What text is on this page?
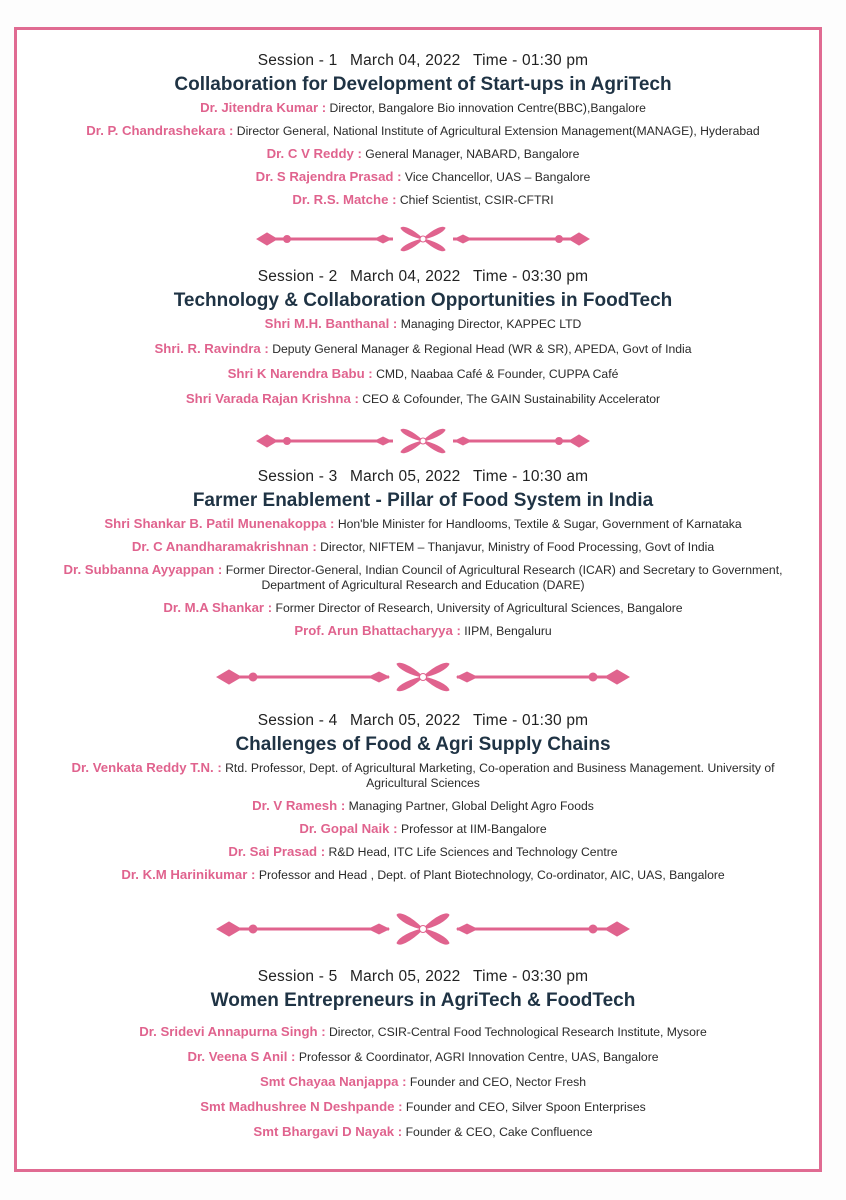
Session - 1 March 04, 2022 Time - 01:30 pm
Collaboration for Development of Start-ups in AgriTech
Dr. Jitendra Kumar : Director, Bangalore Bio innovation Centre(BBC),Bangalore
Dr. P. Chandrashekara : Director General, National Institute of Agricultural Extension Management(MANAGE), Hyderabad
Dr. C V Reddy : General Manager, NABARD, Bangalore
Dr. S Rajendra Prasad : Vice Chancellor, UAS – Bangalore
Dr. R.S. Matche : Chief Scientist, CSIR-CFTRI
Session - 2 March 04, 2022 Time - 03:30 pm
Technology & Collaboration Opportunities in FoodTech
Shri M.H. Banthanal : Managing Director, KAPPEC LTD
Shri. R. Ravindra : Deputy General Manager & Regional Head (WR & SR), APEDA, Govt of India
Shri K Narendra Babu : CMD, Naabaa Café & Founder, CUPPA Café
Shri Varada Rajan Krishna : CEO & Cofounder, The GAIN Sustainability Accelerator
Session - 3 March 05, 2022 Time - 10:30 am
Farmer Enablement - Pillar of Food System in India
Shri Shankar B. Patil Munenakoppa : Hon'ble Minister for Handlooms, Textile & Sugar, Government of Karnataka
Dr. C Anandharamakrishnan : Director, NIFTEM – Thanjavur, Ministry of Food Processing, Govt of India
Dr. Subbanna Ayyappan : Former Director-General, Indian Council of Agricultural Research (ICAR) and Secretary to Government, Department of Agricultural Research and Education (DARE)
Dr. M.A Shankar : Former Director of Research, University of Agricultural Sciences, Bangalore
Prof. Arun Bhattacharyya : IIPM, Bengaluru
Session - 4 March 05, 2022 Time - 01:30 pm
Challenges of Food & Agri Supply Chains
Dr. Venkata Reddy T.N. : Rtd. Professor, Dept. of Agricultural Marketing, Co-operation and Business Management. University of Agricultural Sciences
Dr. V Ramesh : Managing Partner, Global Delight Agro Foods
Dr. Gopal Naik : Professor at IIM-Bangalore
Dr. Sai Prasad : R&D Head, ITC Life Sciences and Technology Centre
Dr. K.M Harinikumar : Professor and Head , Dept. of Plant Biotechnology, Co-ordinator, AIC, UAS, Bangalore
Session - 5 March 05, 2022 Time - 03:30 pm
Women Entrepreneurs in AgriTech & FoodTech
Dr. Sridevi Annapurna Singh : Director, CSIR-Central Food Technological Research Institute, Mysore
Dr. Veena S Anil : Professor & Coordinator, AGRI Innovation Centre, UAS, Bangalore
Smt Chayaa Nanjappa : Founder and CEO, Nector Fresh
Smt Madhushree N Deshpande : Founder and CEO, Silver Spoon Enterprises
Smt Bhargavi D Nayak : Founder & CEO, Cake Confluence
